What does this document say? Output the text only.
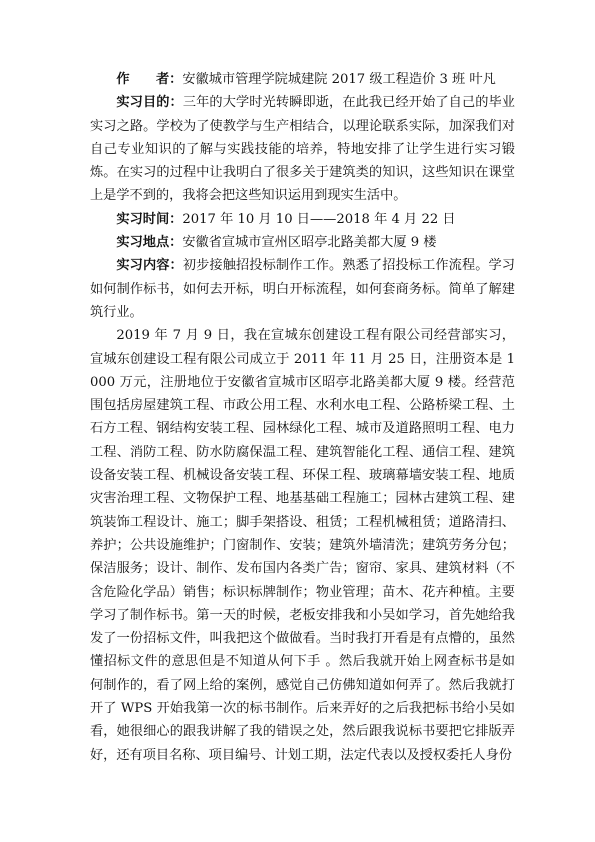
作　　者：安徽城市管理学院城建院 2017 级工程造价 3 班 叶凡

实习目的：三年的大学时光转瞬即逝，在此我已经开始了自己的毕业实习之路。学校为了使教学与生产相结合，以理论联系实际，加深我们对自己专业知识的了解与实践技能的培养，特地安排了让学生进行实习锻炼。在实习的过程中让我明白了很多关于建筑类的知识，这些知识在课堂上是学不到的，我将会把这些知识运用到现实生活中。

实习时间：2017 年 10 月 10 日——2018 年 4 月 22 日

实习地点：安徽省宣城市宣州区昭亭北路美都大厦 9 楼

实习内容：初步接触招投标制作工作。熟悉了招投标工作流程。学习如何制作标书，如何去开标，明白开标流程，如何套商务标。简单了解建筑行业。

2019 年 7 月 9 日，我在宣城东创建设工程有限公司经营部实习，宣城东创建设工程有限公司成立于 2011 年 11 月 25 日，注册资本是 1000 万元，注册地位于安徽省宣城市区昭亭北路美都大厦 9 楼。经营范围包括房屋建筑工程、市政公用工程、水利水电工程、公路桥梁工程、土石方工程、钢结构安装工程、园林绿化工程、城市及道路照明工程、电力工程、消防工程、防水防腐保温工程、建筑智能化工程、通信工程、建筑设备安装工程、机械设备安装工程、环保工程、玻璃幕墙安装工程、地质灾害治理工程、文物保护工程、地基基础工程施工；园林古建筑工程、建筑装饰工程设计、施工；脚手架搭设、租赁；工程机械租赁；道路清扫、养护；公共设施维护；门窗制作、安装；建筑外墙清洗；建筑劳务分包；保洁服务；设计、制作、发布国内各类广告；窗帘、家具、建筑材料（不含危险化学品）销售；标识标牌制作；物业管理；苗木、花卉种植。主要学习了制作标书。第一天的时候，老板安排我和小吴如学习，首先她给我发了一份招标文件，叫我把这个做做看。当时我打开看是有点懵的，虽然懂招标文件的意思但是不知道从何下手 。然后我就开始上网查标书是如何制作的，看了网上给的案例，感觉自己仿佛知道如何弄了。然后我就打开了 WPS 开始我第一次的标书制作。后来弄好的之后我把标书给小吴如看，她很细心的跟我讲解了我的错误之处，然后跟我说标书要把它排版弄好，还有项目名称、项目编号、计划工期，法定代表以及授权委托人身份
